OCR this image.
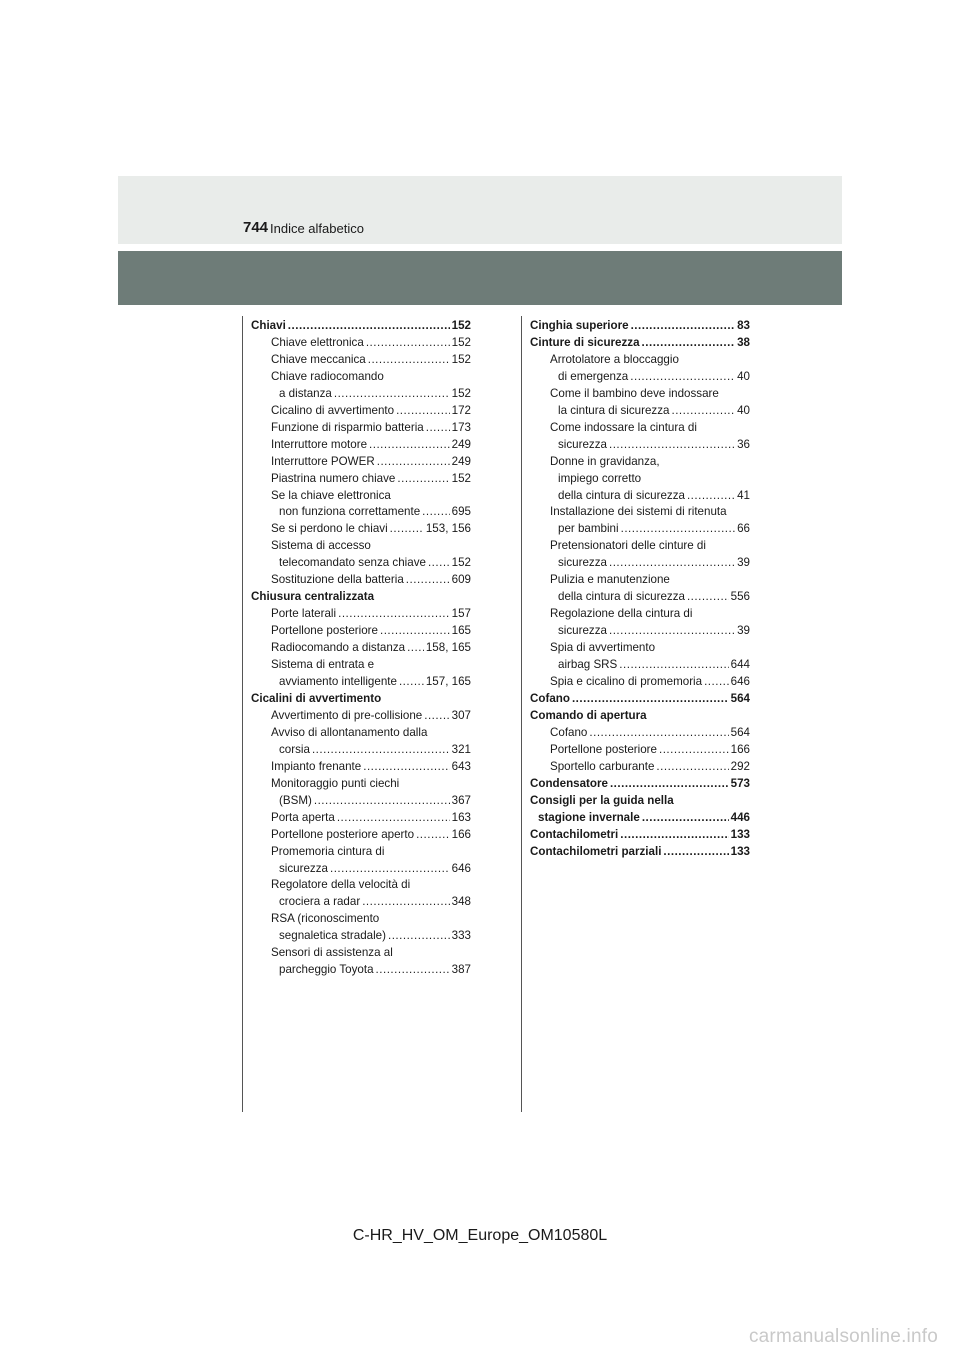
744 Indice alfabetico
Chiavi .....	152
Chiave elettronica .....	152
Chiave meccanica .....	152
Chiave radiocomando
a distanza .....	152
Cicalino di avvertimento .....	172
Funzione di risparmio batteria ..... 173
Interruttore motore .....	249
Interruttore POWER .....	249
Piastrina numero chiave .....	152
Se la chiave elettronica
non funziona correttamente .....	695
Se si perdono le chiavi .....	153, 156
Sistema di accesso
telecomandato senza chiave ..... 152
Sostituzione della batteria .....	609
Chiusura centralizzata
Porte laterali .....	157
Portellone posteriore .....	165
Radiocomando a distanza ..... 158, 165
Sistema di entrata e
avviamento intelligente ..... 157, 165
Cicalini di avvertimento
Avvertimento di pre-collisione .....	307
Avviso di allontanamento dalla
corsia .....	321
Impianto frenante .....	643
Monitoraggio punti ciechi
(BSM) .....	367
Porta aperta .....	163
Portellone posteriore aperto .....	166
Promemoria cintura di
sicurezza .....	646
Regolatore della velocità di
crociera a radar .....	348
RSA (riconoscimento
segnaletica stradale) .....	333
Sensori di assistenza al
parcheggio Toyota .....	387
Cinghia superiore .....	83
Cinture di sicurezza .....	38
Arrotolatore a bloccaggio
di emergenza .....	40
Come il bambino deve indossare
la cintura di sicurezza .....	40
Come indossare la cintura di
sicurezza .....	36
Donne in gravidanza,
impiego corretto
della cintura di sicurezza .....	41
Installazione dei sistemi di ritenuta
per bambini .....	66
Pretensionatori delle cinture di
sicurezza .....	39
Pulizia e manutenzione
della cintura di sicurezza .....	556
Regolazione della cintura di
sicurezza .....	39
Spia di avvertimento
airbag SRS .....	644
Spia e cicalino di promemoria ..... 646
Cofano .....	564
Comando di apertura
Cofano .....	564
Portellone posteriore .....	166
Sportello carburante .....	292
Condensatore .....	573
Consigli per la guida nella
stagione invernale .....	446
Contachilometri .....	133
Contachilometri parziali .....	133
C-HR_HV_OM_Europe_OM10580L
carmanualsonline.info
